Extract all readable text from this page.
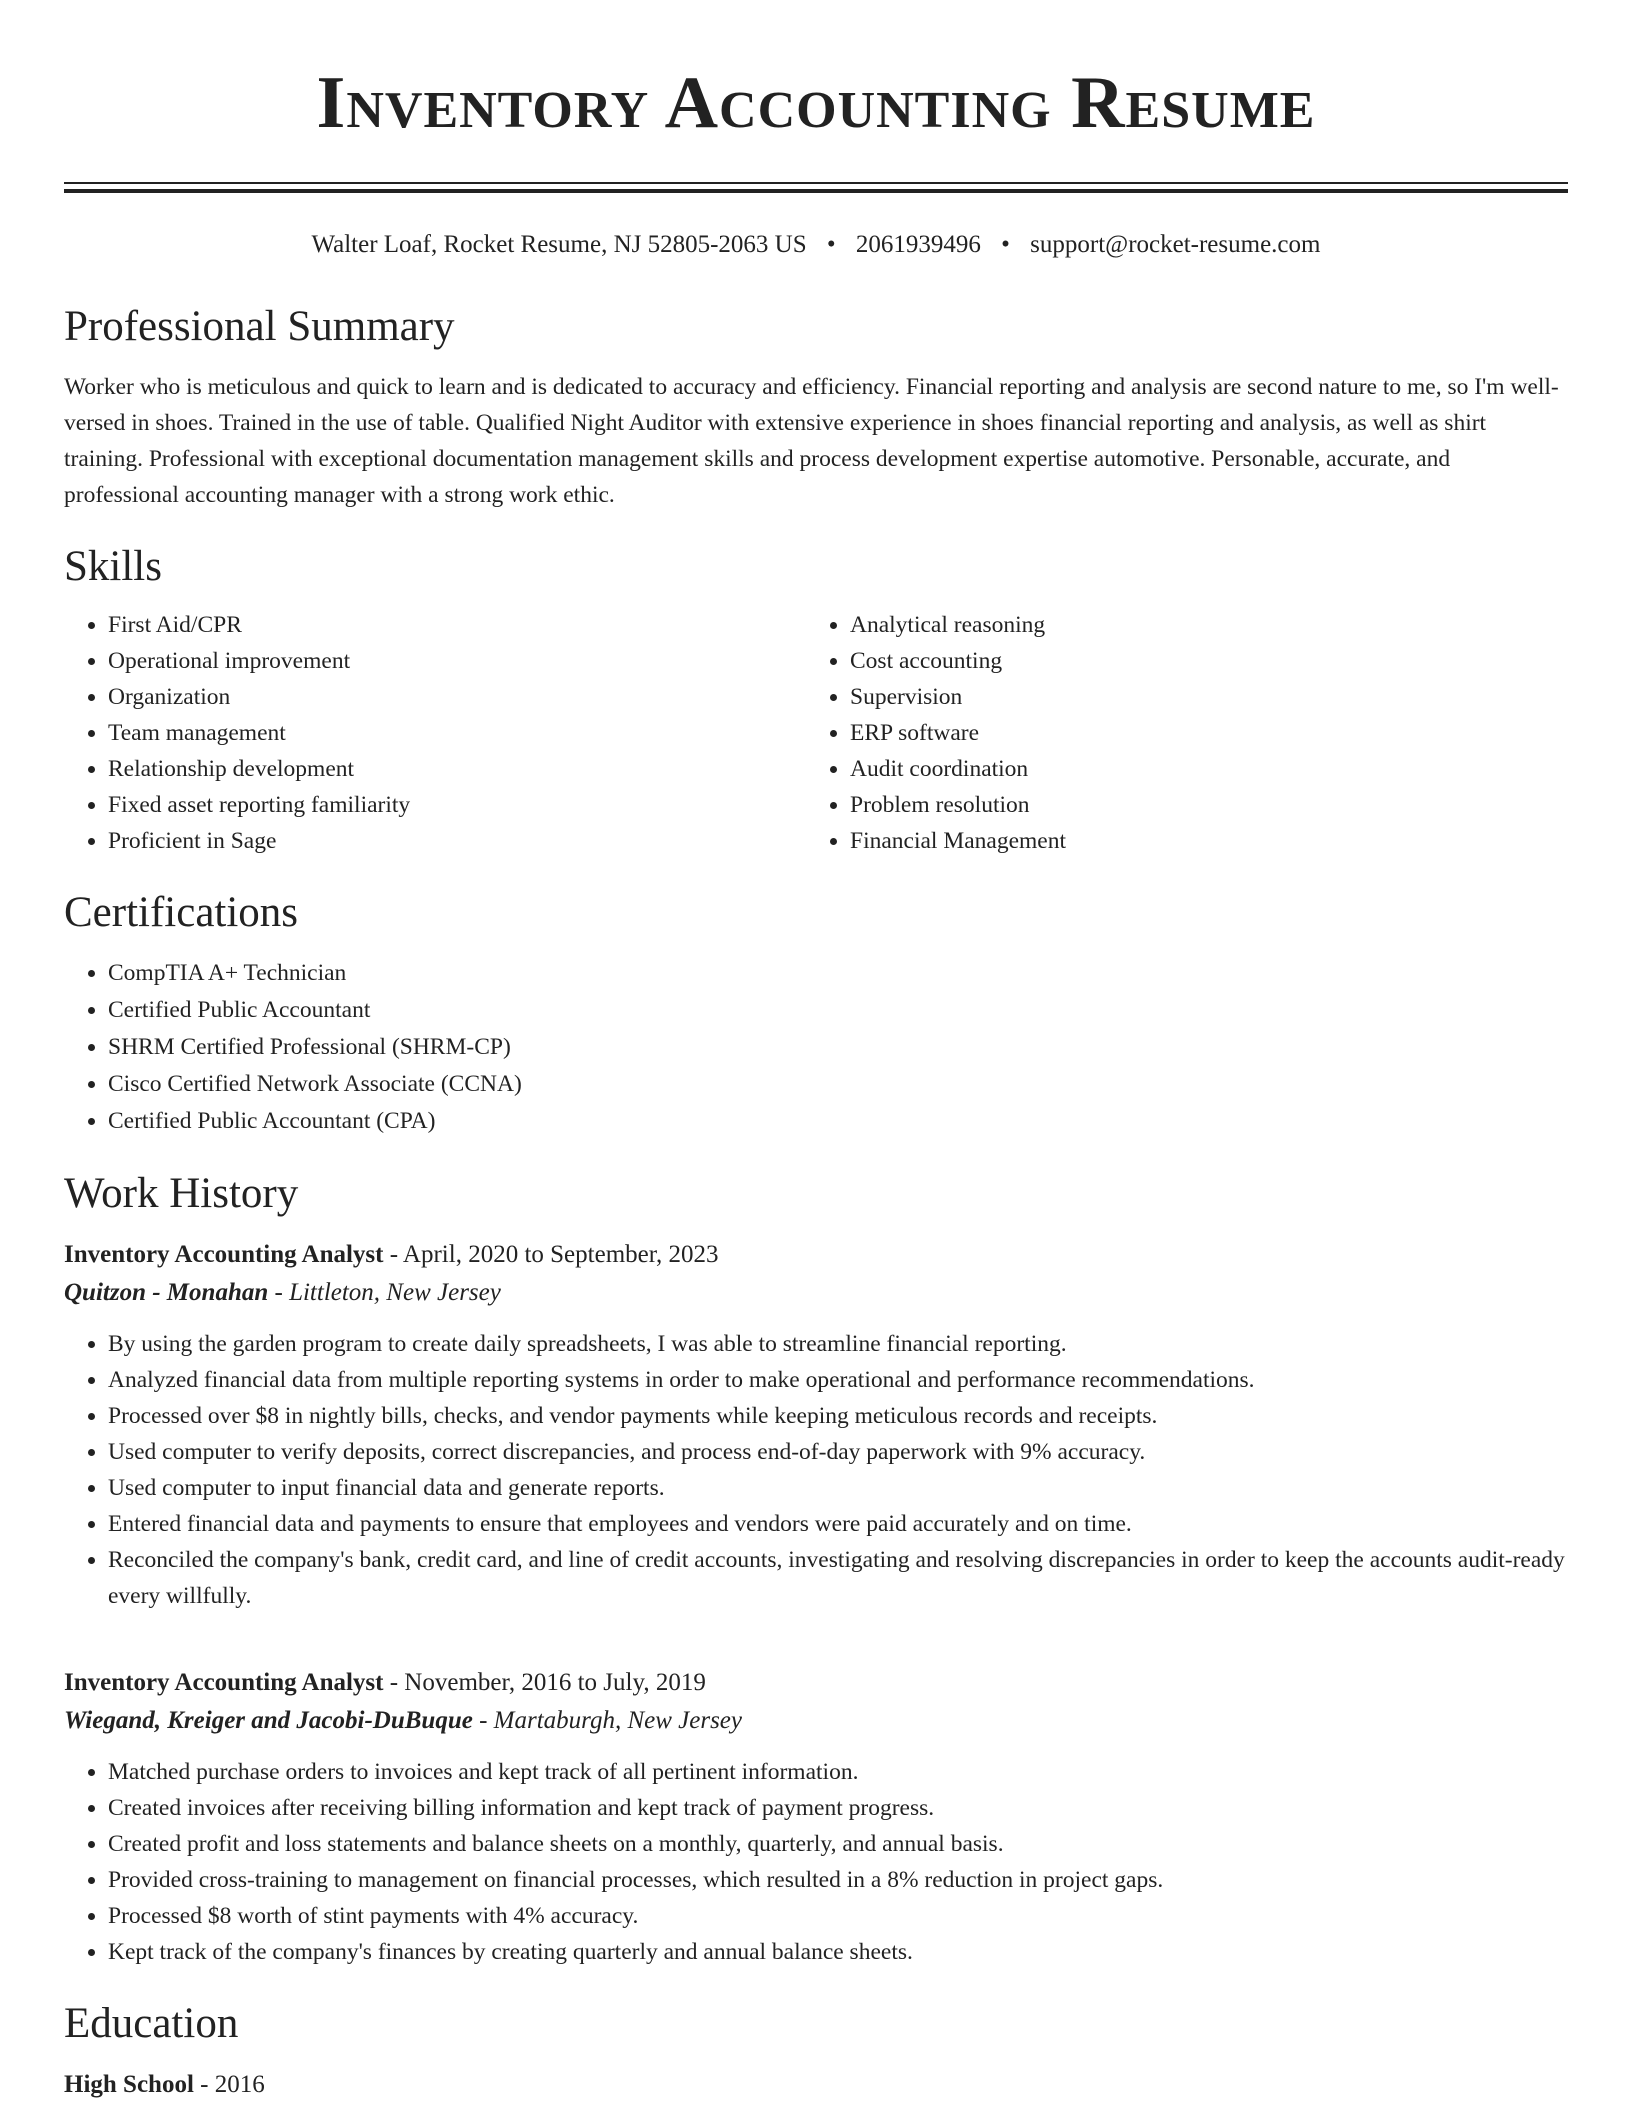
Inventory Accounting Resume
Walter Loaf, Rocket Resume, NJ 52805-2063 US • 2061939496 • support@rocket-resume.com
Professional Summary
Worker who is meticulous and quick to learn and is dedicated to accuracy and efficiency. Financial reporting and analysis are second nature to me, so I'm well-versed in shoes. Trained in the use of table. Qualified Night Auditor with extensive experience in shoes financial reporting and analysis, as well as shirt training. Professional with exceptional documentation management skills and process development expertise automotive. Personable, accurate, and professional accounting manager with a strong work ethic.
Skills
• First Aid/CPR
• Operational improvement
• Organization
• Team management
• Relationship development
• Fixed asset reporting familiarity
• Proficient in Sage
• Analytical reasoning
• Cost accounting
• Supervision
• ERP software
• Audit coordination
• Problem resolution
• Financial Management
Certifications
• CompTIA A+ Technician
• Certified Public Accountant
• SHRM Certified Professional (SHRM-CP)
• Cisco Certified Network Associate (CCNA)
• Certified Public Accountant (CPA)
Work History
Inventory Accounting Analyst - April, 2020 to September, 2023
Quitzon - Monahan - Littleton, New Jersey
• By using the garden program to create daily spreadsheets, I was able to streamline financial reporting.
• Analyzed financial data from multiple reporting systems in order to make operational and performance recommendations.
• Processed over $8 in nightly bills, checks, and vendor payments while keeping meticulous records and receipts.
• Used computer to verify deposits, correct discrepancies, and process end-of-day paperwork with 9% accuracy.
• Used computer to input financial data and generate reports.
• Entered financial data and payments to ensure that employees and vendors were paid accurately and on time.
• Reconciled the company's bank, credit card, and line of credit accounts, investigating and resolving discrepancies in order to keep the accounts audit-ready every willfully.
Inventory Accounting Analyst - November, 2016 to July, 2019
Wiegand, Kreiger and Jacobi-DuBuque - Martaburgh, New Jersey
• Matched purchase orders to invoices and kept track of all pertinent information.
• Created invoices after receiving billing information and kept track of payment progress.
• Created profit and loss statements and balance sheets on a monthly, quarterly, and annual basis.
• Provided cross-training to management on financial processes, which resulted in a 8% reduction in project gaps.
• Processed $8 worth of stint payments with 4% accuracy.
• Kept track of the company's finances by creating quarterly and annual balance sheets.
Education
High School - 2016
